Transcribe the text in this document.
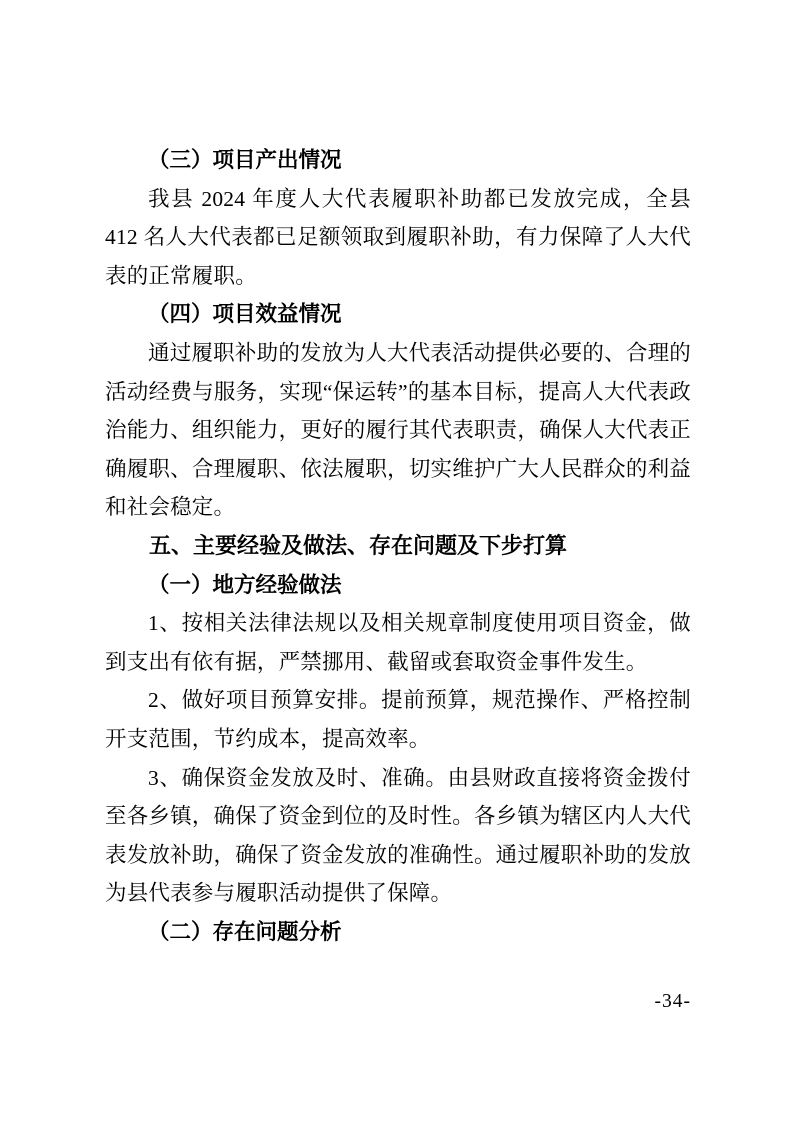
（三）项目产出情况

我县 2024 年度人大代表履职补助都已发放完成，全县 412 名人大代表都已足额领取到履职补助，有力保障了人大代表的正常履职。

（四）项目效益情况

通过履职补助的发放为人大代表活动提供必要的、合理的活动经费与服务，实现“保运转”的基本目标，提高人大代表政治能力、组织能力，更好的履行其代表职责，确保人大代表正确履职、合理履职、依法履职，切实维护广大人民群众的利益和社会稳定。

五、主要经验及做法、存在问题及下步打算
（一）地方经验做法

1、按相关法律法规以及相关规章制度使用项目资金，做到支出有依有据，严禁挪用、截留或套取资金事件发生。

2、做好项目预算安排。提前预算，规范操作、严格控制开支范围，节约成本，提高效率。

3、确保资金发放及时、准确。由县财政直接将资金拨付至各乡镇，确保了资金到位的及时性。各乡镇为辖区内人大代表发放补助，确保了资金发放的准确性。通过履职补助的发放为县代表参与履职活动提供了保障。

（二）存在问题分析
-34-
